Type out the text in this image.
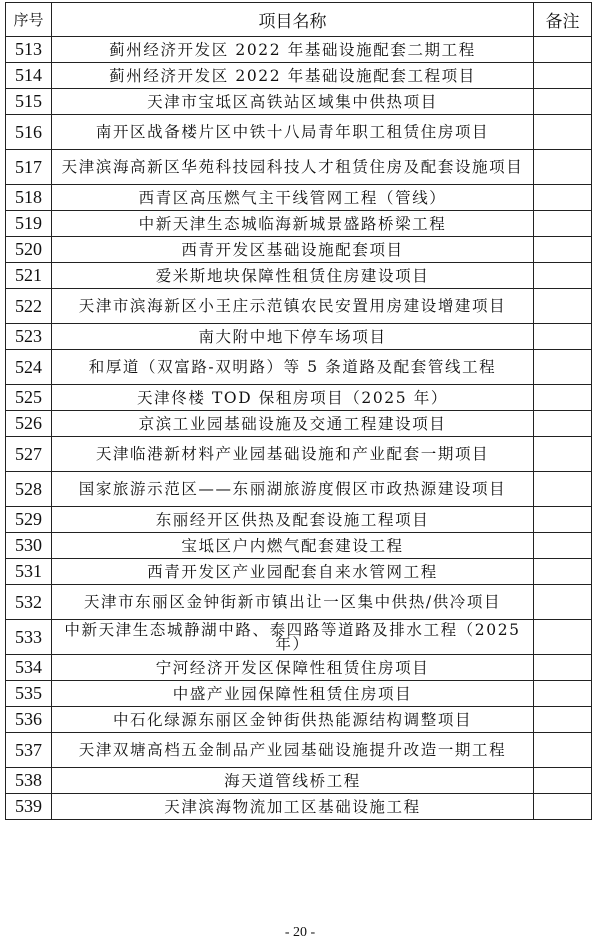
序号	项目名称	备注
513	蓟州经济开发区 2022 年基础设施配套二期工程	
514	蓟州经济开发区 2022 年基础设施配套工程项目	
515	天津市宝坻区高铁站区域集中供热项目	
516	南开区战备楼片区中铁十八局青年职工租赁住房项目	
517	天津滨海高新区华苑科技园科技人才租赁住房及配套设施项目	
518	西青区高压燃气主干线管网工程（管线）	
519	中新天津生态城临海新城景盛路桥梁工程	
520	西青开发区基础设施配套项目	
521	爱米斯地块保障性租赁住房建设项目	
522	天津市滨海新区小王庄示范镇农民安置用房建设增建项目	
523	南大附中地下停车场项目	
524	和厚道（双富路-双明路）等 5 条道路及配套管线工程	
525	天津佟楼 TOD 保租房项目（2025 年）	
526	京滨工业园基础设施及交通工程建设项目	
527	天津临港新材料产业园基础设施和产业配套一期项目	
528	国家旅游示范区——东丽湖旅游度假区市政热源建设项目	
529	东丽经开区供热及配套设施工程项目	
530	宝坻区户内燃气配套建设工程	
531	西青开发区产业园配套自来水管网工程	
532	天津市东丽区金钟街新市镇出让一区集中供热/供冷项目	
533	中新天津生态城静湖中路、泰四路等道路及排水工程（2025 年）	
534	宁河经济开发区保障性租赁住房项目	
535	中盛产业园保障性租赁住房项目	
536	中石化绿源东丽区金钟街供热能源结构调整项目	
537	天津双塘高档五金制品产业园基础设施提升改造一期工程	
538	海天道管线桥工程	
539	天津滨海物流加工区基础设施工程	
- 20 -
